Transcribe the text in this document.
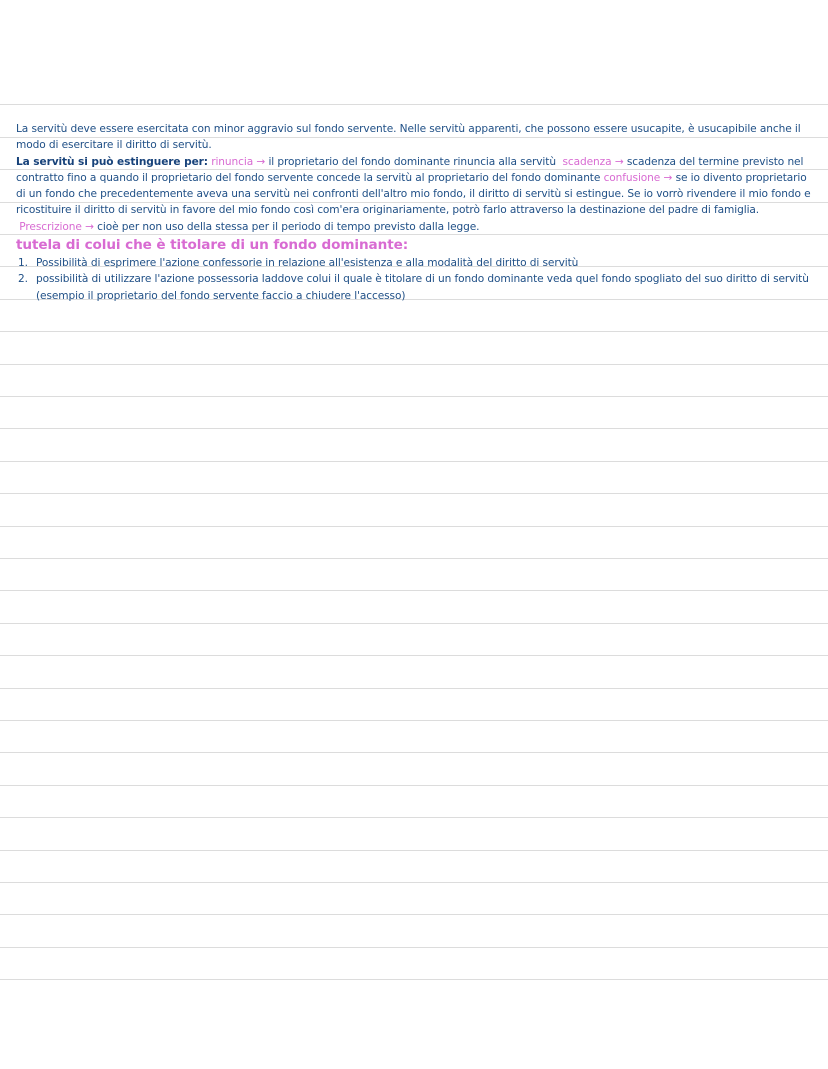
La servitù deve essere esercitata con minor aggravio sul fondo servente. Nelle servitù apparenti, che possono essere usucapite, è usucapibile anche il modo di esercitare il diritto di servitù.

La servitù si può estinguere per: rinuncia → il proprietario del fondo dominante rinuncia alla servitù scadenza → scadenza del termine previsto nel contratto fino a quando il proprietario del fondo servente concede la servitù al proprietario del fondo dominante confusione → se io divento proprietario di un fondo che precedentemente aveva una servitù nei confronti dell'altro mio fondo, il diritto di servitù si estingue. Se io vorrò rivendere il mio fondo e ricostituire il diritto di servitù in favore del mio fondo così com'era originariamente, potrò farlo attraverso la destinazione del padre di famiglia.  Prescrizione → cioè per non uso della stessa per il periodo di tempo previsto dalla legge.

tutela di colui che è titolare di un fondo dominante:

1. Possibilità di esprimere l'azione confessorie in relazione all'esistenza e alla modalità del diritto di servitù
2. possibilità di utilizzare l'azione possessoria laddove colui il quale è titolare di un fondo dominante veda quel fondo spogliato del suo diritto di servitù (esempio il proprietario del fondo servente faccio a chiudere l'accesso)
